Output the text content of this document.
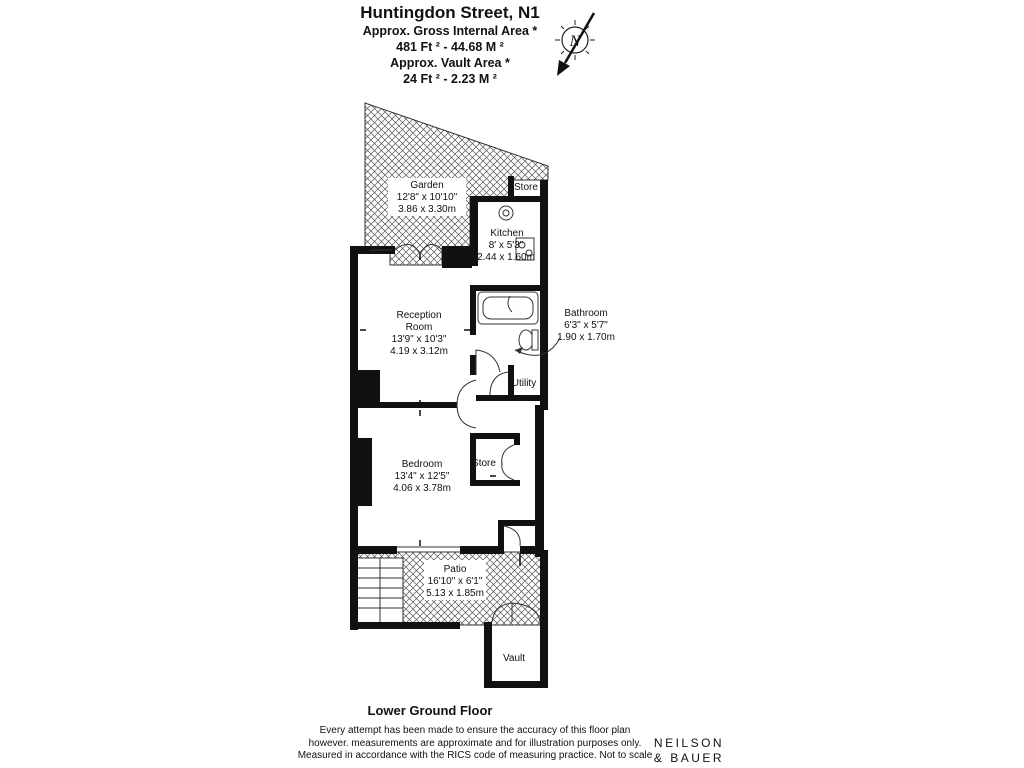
Huntingdon Street, N1
Approx. Gross Internal Area *
481 Ft ² - 44.68 M ²
Approx. Vault Area *
24 Ft ² - 2.23 M ²
N
Garden
12'8" x 10'10"
3.86 x 3.30m
Store
Kitchen
8' x 5'3"
2.44 x 1.60m
Reception
Room
13'9" x 10'3"
4.19 x 3.12m
Bathroom
6'3" x 5'7"
1.90 x 1.70m
Utility
Bedroom
13'4" x 12'5"
4.06 x 3.78m
Store
Patio
16'10" x 6'1"
5.13 x 1.85m
Vault
Lower Ground Floor
Every attempt has been made to ensure the accuracy of this floor plan
however. measurements are approximate and for illustration purposes only.
Measured in accordance with the RICS code of measuring practice. Not to scale
NEILSON
& BAUER
